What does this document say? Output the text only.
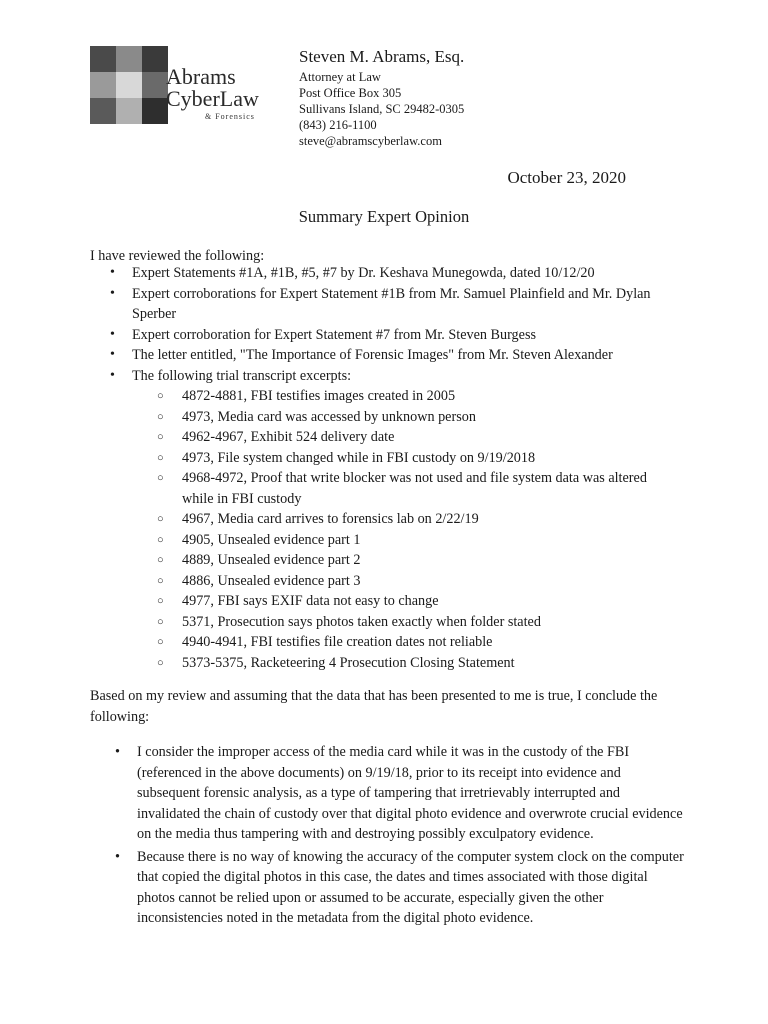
Abrams
CyberLaw
& Forensics
Steven M. Abrams, Esq.
Attorney at Law
Post Office Box 305
Sullivans Island, SC 29482-0305
(843) 216-1100
steve@abramscyberlaw.com
October 23, 2020
Summary Expert Opinion
I have reviewed the following:
• Expert Statements #1A, #1B, #5, #7 by Dr. Keshava Munegowda, dated 10/12/20
• Expert corroborations for Expert Statement #1B from Mr. Samuel Plainfield and Mr. Dylan Sperber
• Expert corroboration for Expert Statement #7 from Mr. Steven Burgess
• The letter entitled, "The Importance of Forensic Images" from Mr. Steven Alexander
• The following trial transcript excerpts:
○ 4872-4881, FBI testifies images created in 2005
○ 4973, Media card was accessed by unknown person
○ 4962-4967, Exhibit 524 delivery date
○ 4973, File system changed while in FBI custody on 9/19/2018
○ 4968-4972, Proof that write blocker was not used and file system data was altered while in FBI custody
○ 4967, Media card arrives to forensics lab on 2/22/19
○ 4905, Unsealed evidence part 1
○ 4889, Unsealed evidence part 2
○ 4886, Unsealed evidence part 3
○ 4977, FBI says EXIF data not easy to change
○ 5371, Prosecution says photos taken exactly when folder stated
○ 4940-4941, FBI testifies file creation dates not reliable
○ 5373-5375, Racketeering 4 Prosecution Closing Statement
Based on my review and assuming that the data that has been presented to me is true, I conclude the following:
• I consider the improper access of the media card while it was in the custody of the FBI (referenced in the above documents) on 9/19/18, prior to its receipt into evidence and subsequent forensic analysis, as a type of tampering that irretrievably interrupted and invalidated the chain of custody over that digital photo evidence and overwrote crucial evidence on the media thus tampering with and destroying possibly exculpatory evidence.
• Because there is no way of knowing the accuracy of the computer system clock on the computer that copied the digital photos in this case, the dates and times associated with those digital photos cannot be relied upon or assumed to be accurate, especially given the other inconsistencies noted in the metadata from the digital photo evidence.
